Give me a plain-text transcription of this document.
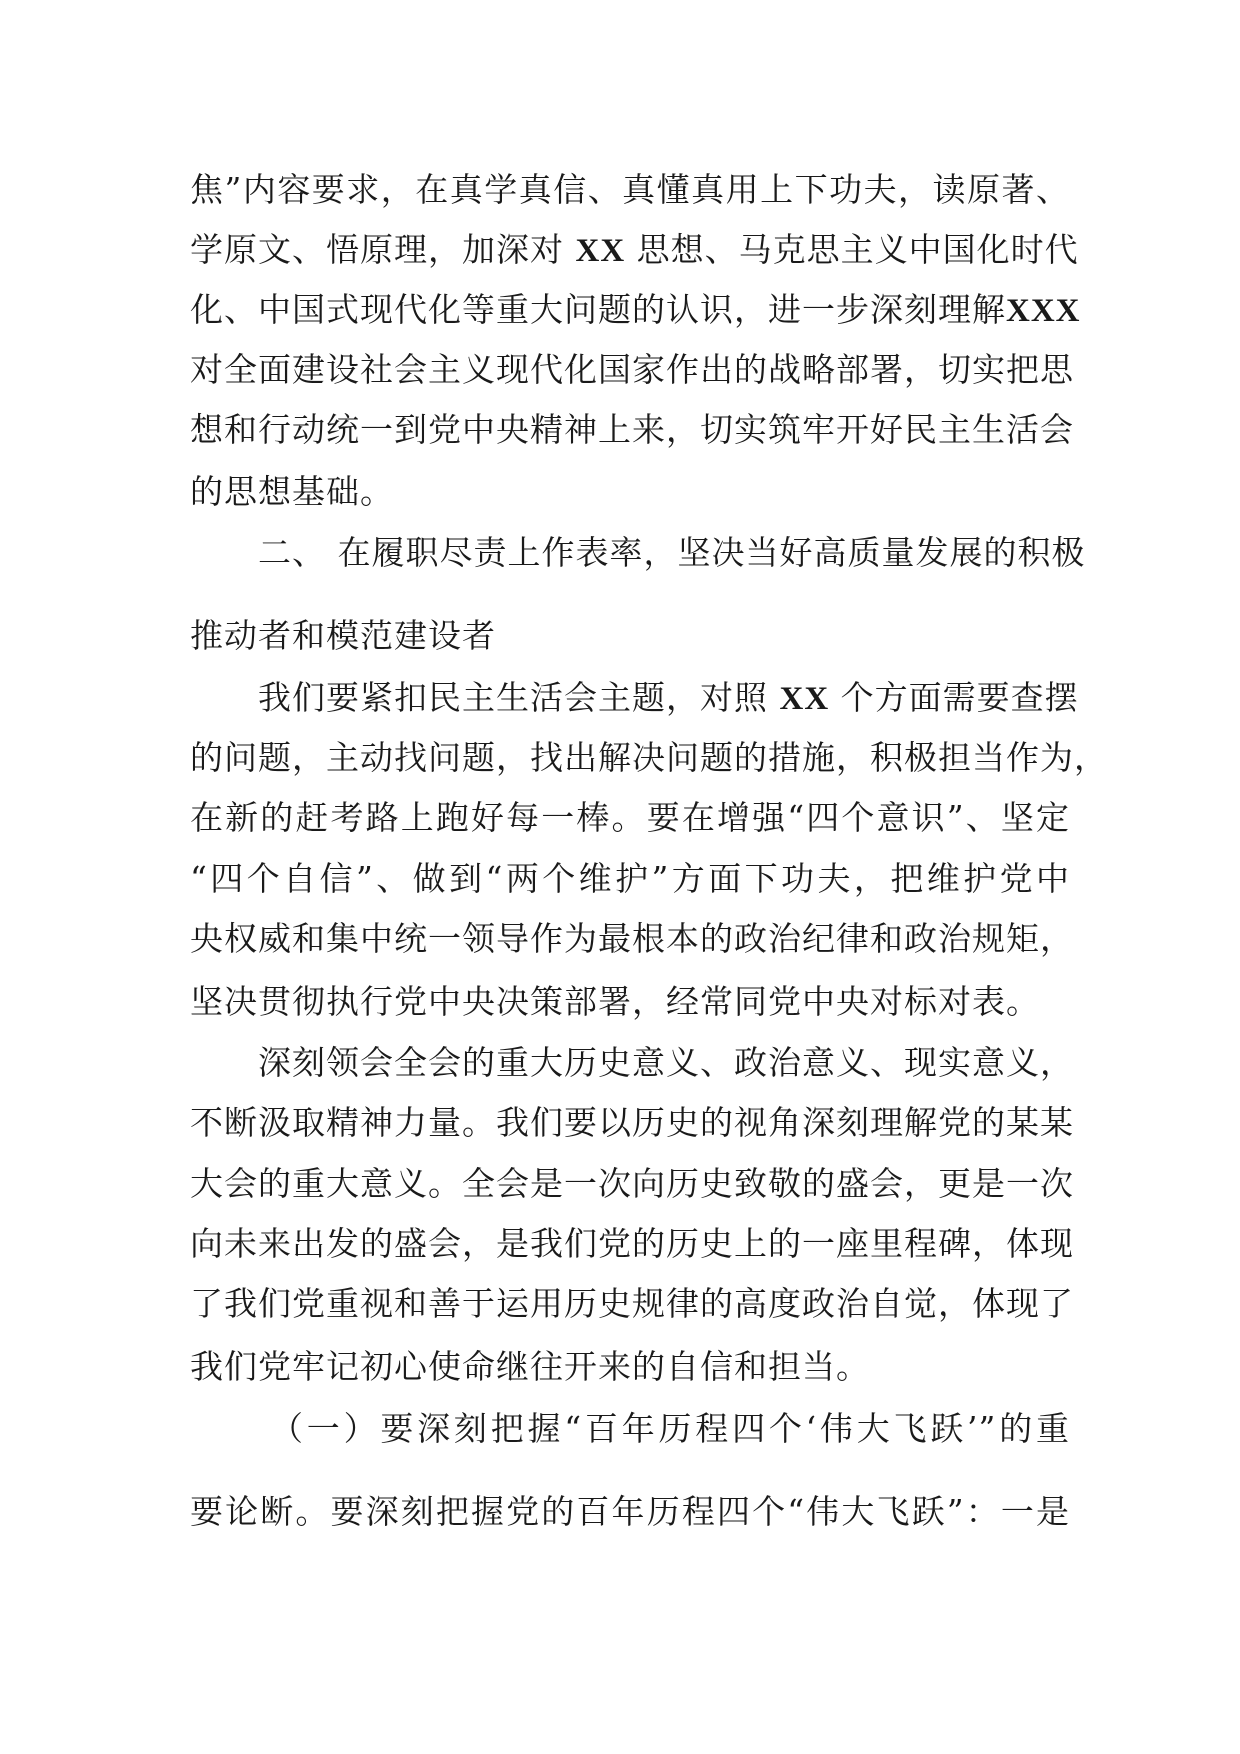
焦”内容要求，在真学真信、真懂真用上下功夫，读原著、
学原文、悟原理，加深对 XX 思想、马克思主义中国化时代
化、中国式现代化等重大问题的认识，进一步深刻理解XXX
对全面建设社会主义现代化国家作出的战略部署，切实把思
想和行动统一到党中央精神上来，切实筑牢开好民主生活会
的思想基础。
二、 在履职尽责上作表率，坚决当好高质量发展的积极
推动者和模范建设者
我们要紧扣民主生活会主题，对照 XX 个方面需要查摆
的问题，主动找问题，找出解决问题的措施，积极担当作为，
在新的赶考路上跑好每一棒。要在增强“四个意识”、坚定
“四个自信”、做到“两个维护”方面下功夫，把维护党中
央权威和集中统一领导作为最根本的政治纪律和政治规矩，
坚决贯彻执行党中央决策部署，经常同党中央对标对表。
深刻领会全会的重大历史意义、政治意义、现实意义，
不断汲取精神力量。我们要以历史的视角深刻理解党的某某
大会的重大意义。全会是一次向历史致敬的盛会，更是一次
向未来出发的盛会，是我们党的历史上的一座里程碑，体现
了我们党重视和善于运用历史规律的高度政治自觉，体现了
我们党牢记初心使命继往开来的自信和担当。
（一）要深刻把握“百年历程四个‘伟大飞跃’”的重
要论断。要深刻把握党的百年历程四个“伟大飞跃”：一是
